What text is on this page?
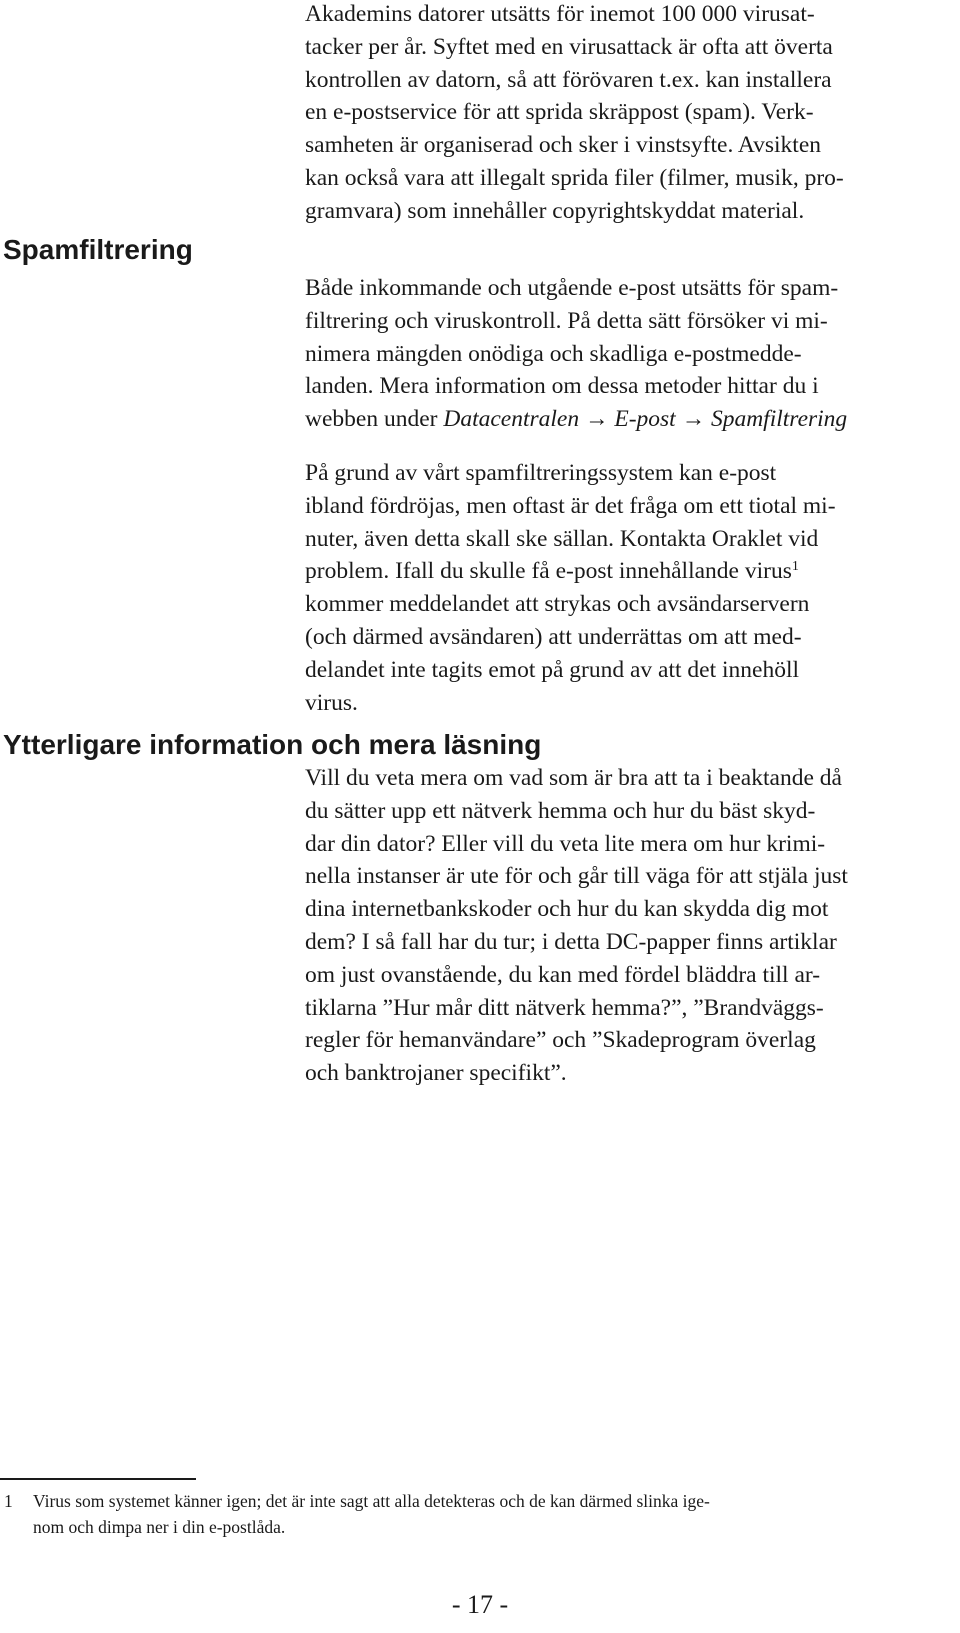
Akademins datorer utsätts för inemot 100 000 virusat-
tacker per år. Syftet med en virusattack är ofta att överta
kontrollen av datorn, så att förövaren t.ex. kan installera
en e-postservice för att sprida skräppost (spam). Verk-
samheten är organiserad och sker i vinstsyfte. Avsikten
kan också vara att illegalt sprida filer (filmer, musik, pro-
gramvara) som innehåller copyrightskyddat material.

Spamfiltrering

Både inkommande och utgående e-post utsätts för spam-
filtrering och viruskontroll. På detta sätt försöker vi mi-
nimera mängden onödiga och skadliga e-postmedde-
landen. Mera information om dessa metoder hittar du i
webben under Datacentralen → E-post → Spamfiltrering

På grund av vårt spamfiltreringssystem kan e-post
ibland fördröjas, men oftast är det fråga om ett tiotal mi-
nuter, även detta skall ske sällan. Kontakta Oraklet vid
problem. Ifall du skulle få e-post innehållande virus$^1$
kommer meddelandet att strykas och avsändarservern
(och därmed avsändaren) att underrättas om att med-
delandet inte tagits emot på grund av att det innehöll
virus.

Ytterligare information och mera läsning

Vill du veta mera om vad som är bra att ta i beaktande då
du sätter upp ett nätverk hemma och hur du bäst skyd-
dar din dator? Eller vill du veta lite mera om hur krimi-
nella instanser är ute för och går till väga för att stjäla just
dina internetbankskoder och hur du kan skydda dig mot
dem? I så fall har du tur; i detta DC-papper finns artiklar
om just ovanstående, du kan med fördel bläddra till ar-
tiklarna ”Hur mår ditt nätverk hemma?”, ”Brandväggs-
regler för hemanvändare” och ”Skadeprogram överlag
och banktrojaner specifikt”.

1 Virus som systemet känner igen; det är inte sagt att alla detekteras och de kan därmed slinka ige-
nom och dimpa ner i din e-postlåda.
- 17 -
